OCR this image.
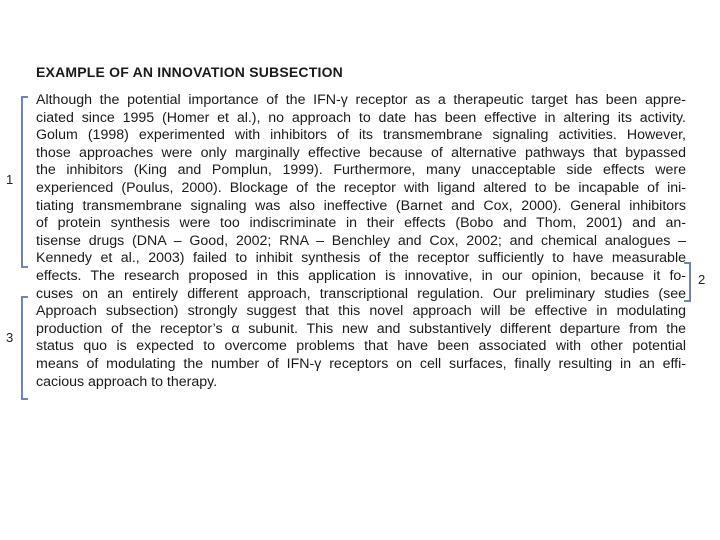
EXAMPLE OF AN INNOVATION SUBSECTION
Although the potential importance of the IFN-γ receptor as a therapeutic target has been appre-
ciated since 1995 (Homer et al.), no approach to date has been effective in altering its activity.
Golum (1998) experimented with inhibitors of its transmembrane signaling activities. However,
those approaches were only marginally effective because of alternative pathways that bypassed
the inhibitors (King and Pomplun, 1999). Furthermore, many unacceptable side effects were
experienced (Poulus, 2000). Blockage of the receptor with ligand altered to be incapable of ini-
tiating transmembrane signaling was also ineffective (Barnet and Cox, 2000). General inhibitors
of protein synthesis were too indiscriminate in their effects (Bobo and Thom, 2001) and an-
tisense drugs (DNA – Good, 2002; RNA – Benchley and Cox, 2002; and chemical analogues –
Kennedy et al., 2003) failed to inhibit synthesis of the receptor sufficiently to have measurable
effects. The research proposed in this application is innovative, in our opinion, because it fo-
cuses on an entirely different approach, transcriptional regulation. Our preliminary studies (see
Approach subsection) strongly suggest that this novel approach will be effective in modulating
production of the receptor’s α subunit. This new and substantively different departure from the
status quo is expected to overcome problems that have been associated with other potential
means of modulating the number of IFN-γ receptors on cell surfaces, finally resulting in an effi-
cacious approach to therapy.
1
2
3
